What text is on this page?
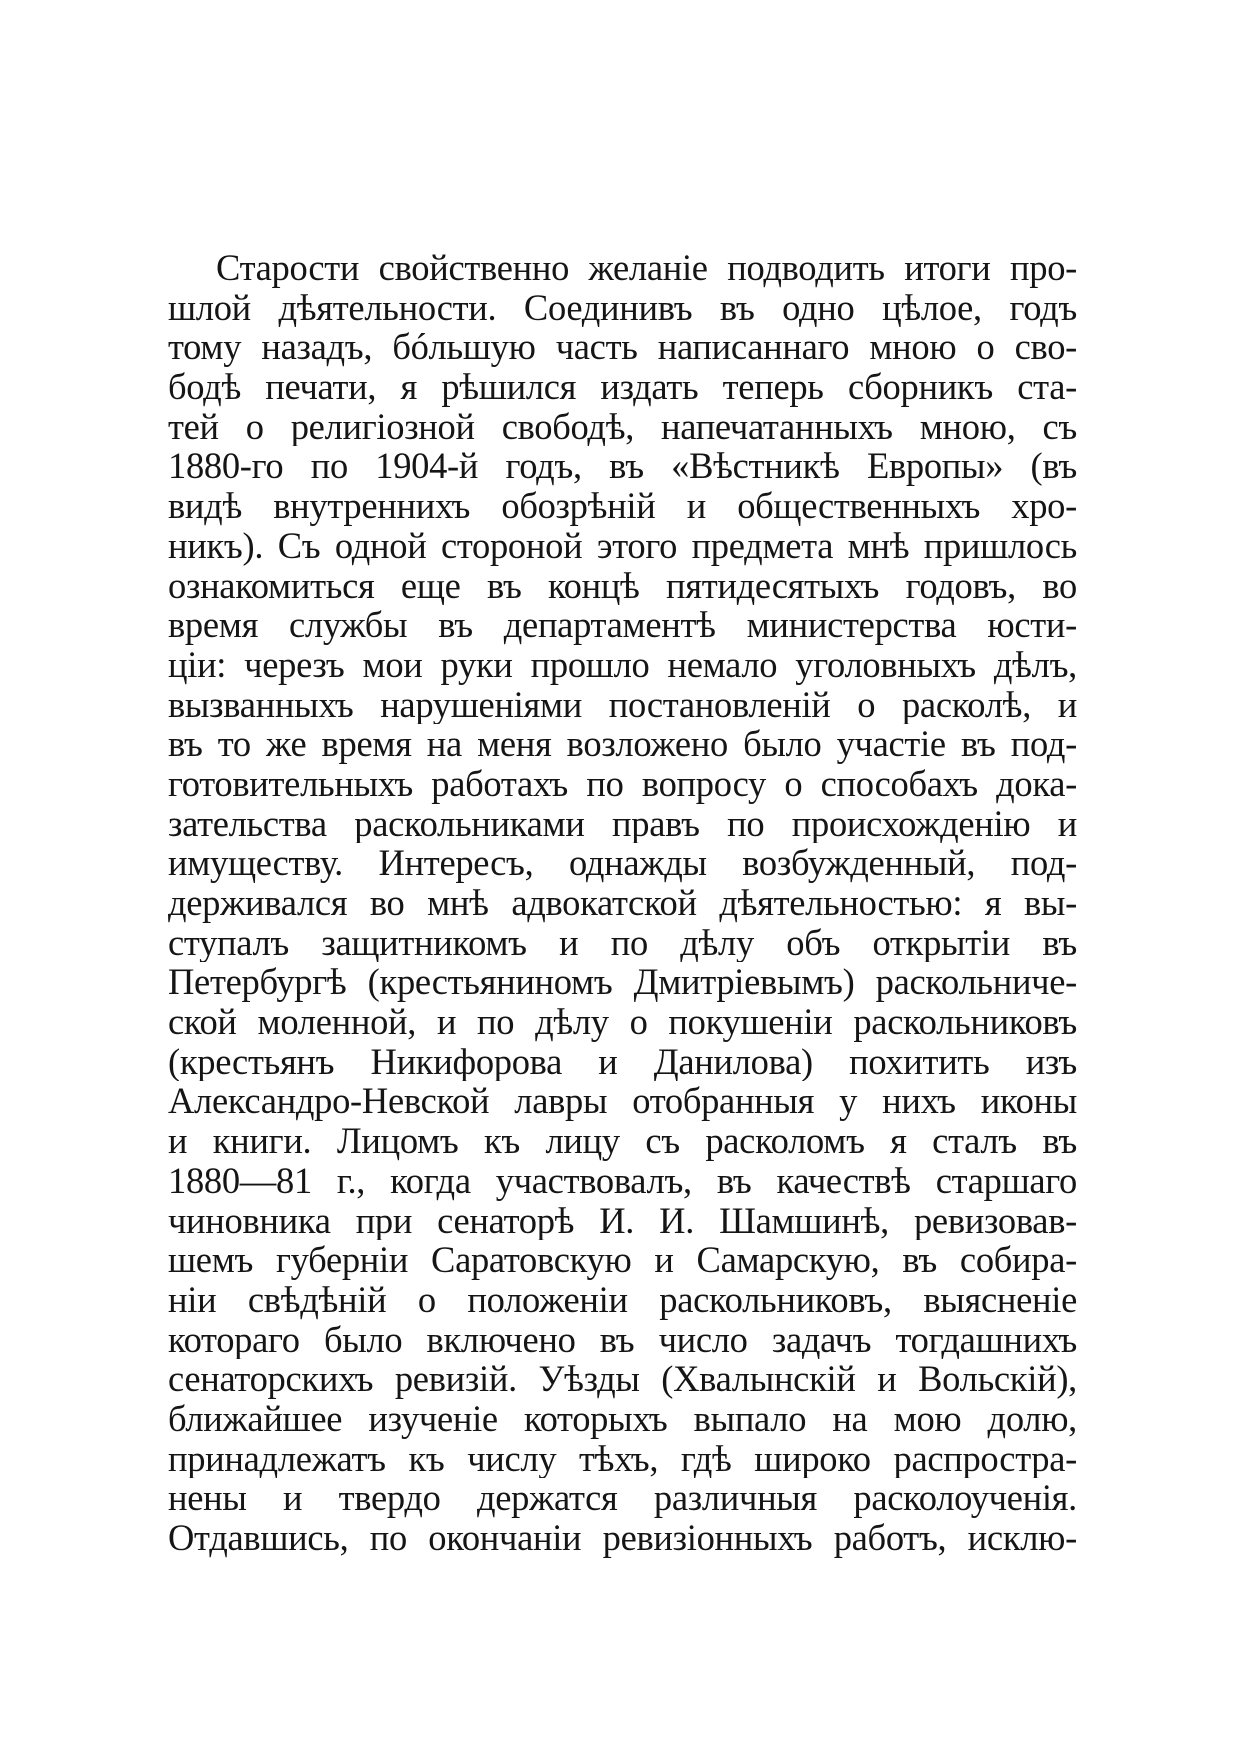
Старости свойственно желанiе подводить итоги про-
шлой дѣятельности. Соединивъ въ одно цѣлое, годъ
тому назадъ, бóльшую часть написаннаго мною о сво-
бодѣ печати, я рѣшился издать теперь сборникъ ста-
тей о религiозной свободѣ, напечатанныхъ мною, съ
1880-го по 1904-й годъ, въ «Вѣстникѣ Европы» (въ
видѣ внутреннихъ обозрѣнiй и общественныхъ хро-
никъ). Съ одной стороной этого предмета мнѣ пришлось
ознакомиться еще въ концѣ пятидесятыхъ годовъ, во
время службы въ департаментѣ министерства юсти-
цiи: черезъ мои руки прошло немало уголовныхъ дѣлъ,
вызванныхъ нарушенiями постановленiй о расколѣ, и
въ то же время на меня возложено было участiе въ под-
готовительныхъ работахъ по вопросу о способахъ дока-
зательства раскольниками правъ по происхожденiю и
имуществу. Интересъ, однажды возбужденный, под-
держивался во мнѣ адвокатской дѣятельностью: я вы-
ступалъ защитникомъ и по дѣлу объ открытiи въ
Петербургѣ (крестьяниномъ Дмитрiевымъ) раскольниче-
ской моленной, и по дѣлу о покушенiи раскольниковъ
(крестьянъ Никифорова и Данилова) похитить изъ
Александро-Невской лавры отобранныя у нихъ иконы
и книги. Лицомъ къ лицу съ расколомъ я сталъ въ
1880—81 г., когда участвовалъ, въ качествѣ старшаго
чиновника при сенаторѣ И. И. Шамшинѣ, ревизовав-
шемъ губернiи Саратовскую и Самарскую, въ собира-
нiи свѣдѣнiй о положенiи раскольниковъ, выясненiе
котораго было включено въ число задачъ тогдашнихъ
сенаторскихъ ревизiй. Уѣзды (Хвалынскiй и Вольскiй),
ближайшее изученiе которыхъ выпало на мою долю,
принадлежатъ къ числу тѣхъ, гдѣ широко распростра-
нены и твердо держатся различныя расколоученiя.
Отдавшись, по окончанiи ревизiонныхъ работъ, исклю-
